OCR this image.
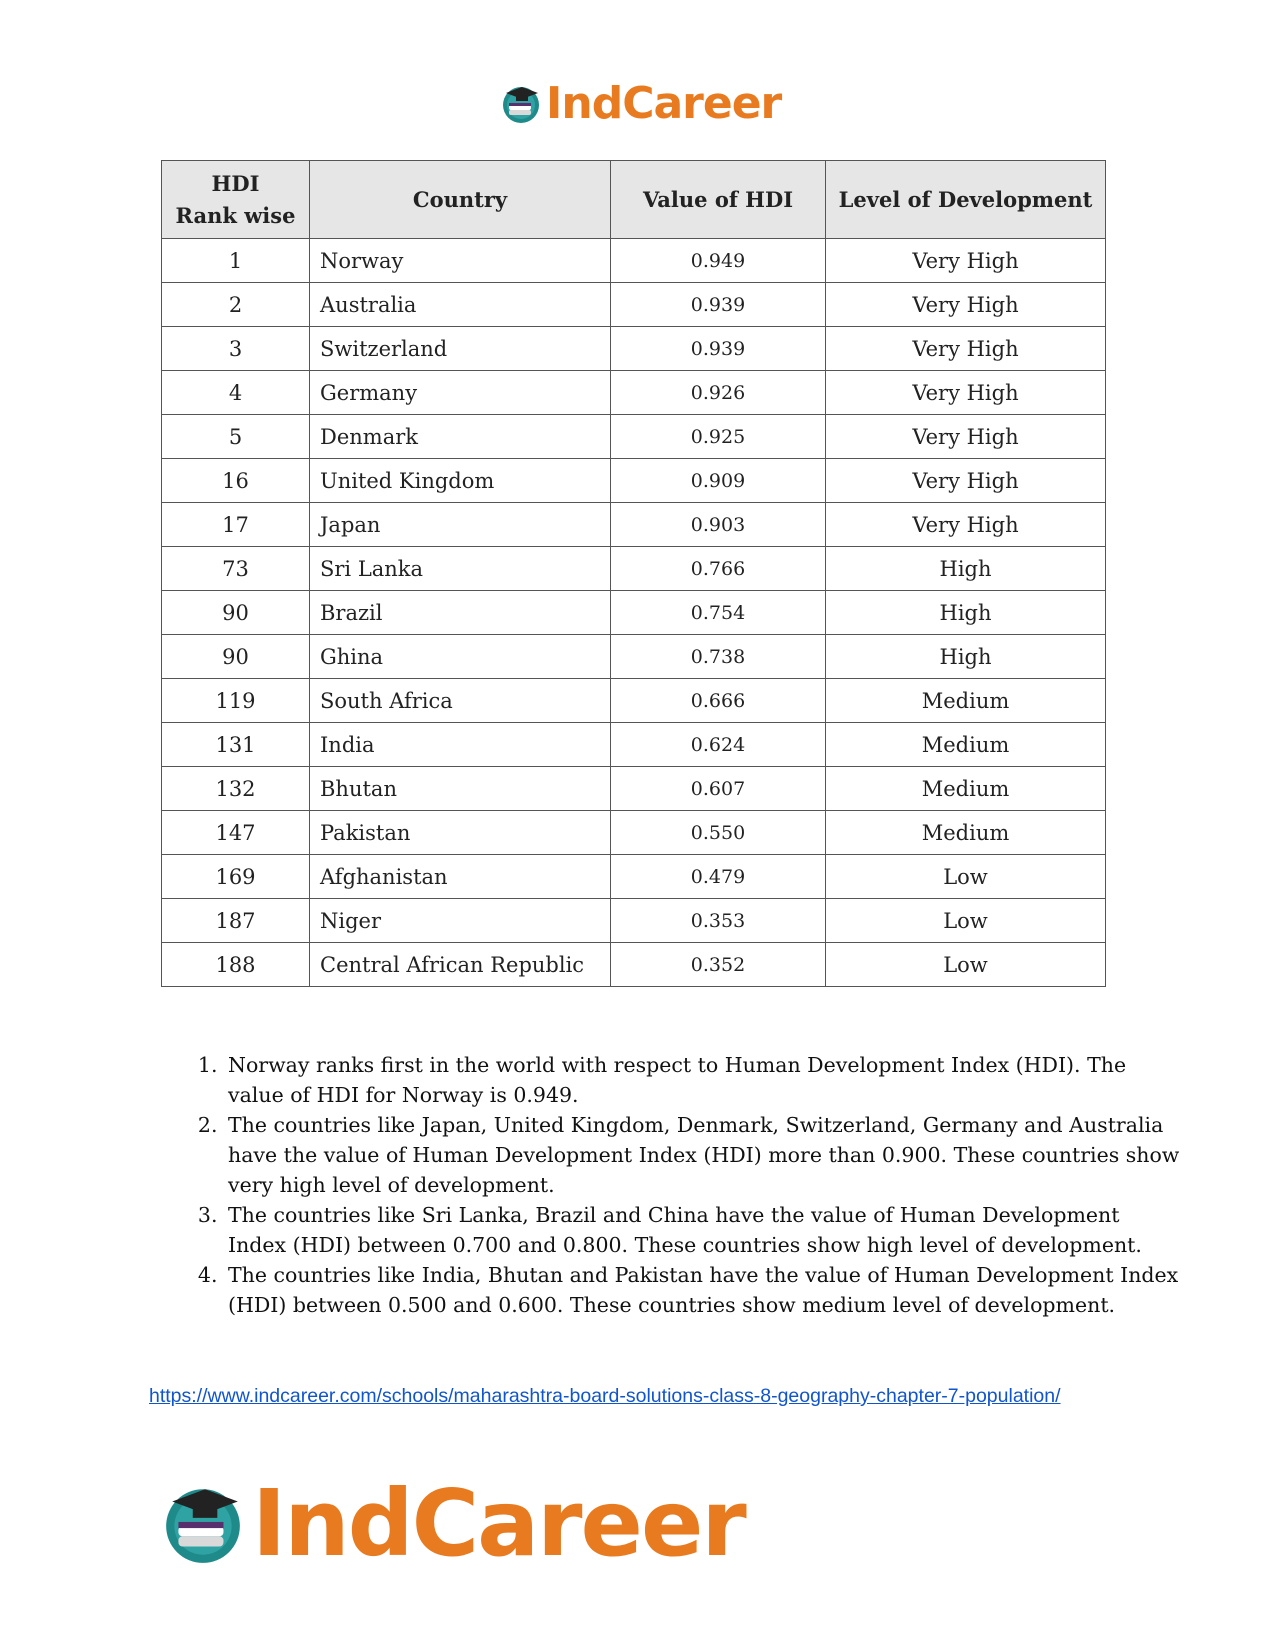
IndCareer
HDI
Rank wise	Country	Value of HDI	Level of Development
1	Norway	0.949	Very High
2	Australia	0.939	Very High
3	Switzerland	0.939	Very High
4	Germany	0.926	Very High
5	Denmark	0.925	Very High
16	United Kingdom	0.909	Very High
17	Japan	0.903	Very High
73	Sri Lanka	0.766	High
90	Brazil	0.754	High
90	Ghina	0.738	High
119	South Africa	0.666	Medium
131	India	0.624	Medium
132	Bhutan	0.607	Medium
147	Pakistan	0.550	Medium
169	Afghanistan	0.479	Low
187	Niger	0.353	Low
188	Central African Republic	0.352	Low
1. Norway ranks first in the world with respect to Human Development Index (HDI). The value of HDI for Norway is 0.949.
2. The countries like Japan, United Kingdom, Denmark, Switzerland, Germany and Australia have the value of Human Development Index (HDI) more than 0.900. These countries show very high level of development.
3. The countries like Sri Lanka, Brazil and China have the value of Human Development Index (HDI) between 0.700 and 0.800. These countries show high level of development.
4. The countries like India, Bhutan and Pakistan have the value of Human Development Index (HDI) between 0.500 and 0.600. These countries show medium level of development.
https://www.indcareer.com/schools/maharashtra-board-solutions-class-8-geography-chapter-7-population/
IndCareer
